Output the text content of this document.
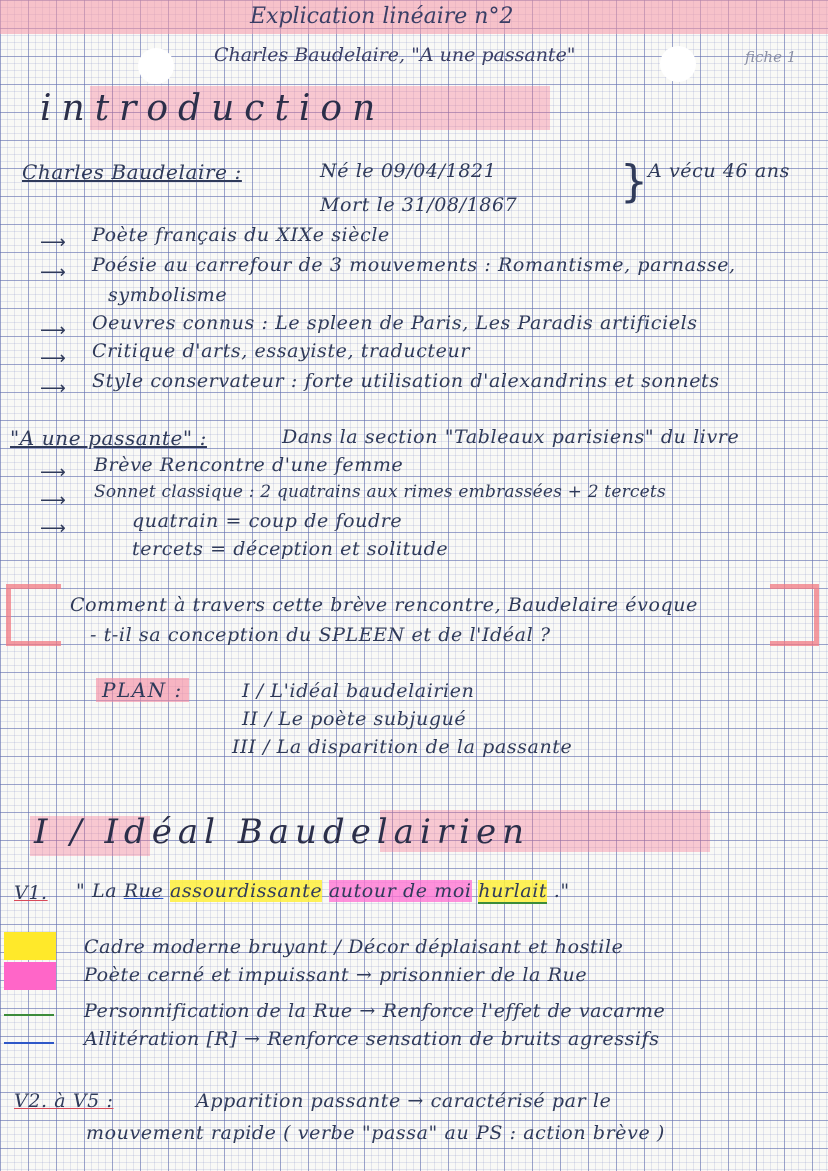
Explication linéaire n°2
Charles Baudelaire, "A une passante"	fiche 1
introduction
Charles Baudelaire :	Né le 09/04/1821
Mort le 31/08/1867 } A vécu 46 ans
⟶ Poète français du XIXe siècle
⟶ Poésie au carrefour de 3 mouvements : Romantisme, parnasse,
symbolisme
⟶ Oeuvres connus : Le spleen de Paris, Les Paradis artificiels
⟶ Critique d'arts, essayiste, traducteur
⟶ Style conservateur : forte utilisation d'alexandrins et sonnets
"A une passante" :	Dans la section "Tableaux parisiens" du livre
⟶ Brève Rencontre d'une femme
⟶ Sonnet classique : 2 quatrains aux rimes embrassées + 2 tercets
⟶	quatrain = coup de foudre
tercets = déception et solitude
Comment à travers cette brève rencontre, Baudelaire évoque
- t-il sa conception du SPLEEN et de l'Idéal ?
PLAN :	I / L'idéal baudelairien
II / Le poète subjugué
III / La disparition de la passante
I / Idéal Baudelairien
V1. " La Rue assourdissante autour de moi hurlait ."
Cadre moderne bruyant / Décor déplaisant et hostile
Poète cerné et impuissant → prisonnier de la Rue
Personnification de la Rue → Renforce l'effet de vacarme
Allitération [R] → Renforce sensation de bruits agressifs
V2. à V5 :	Apparition passante → caractérisé par le
mouvement rapide ( verbe "passa" au PS : action brève )
